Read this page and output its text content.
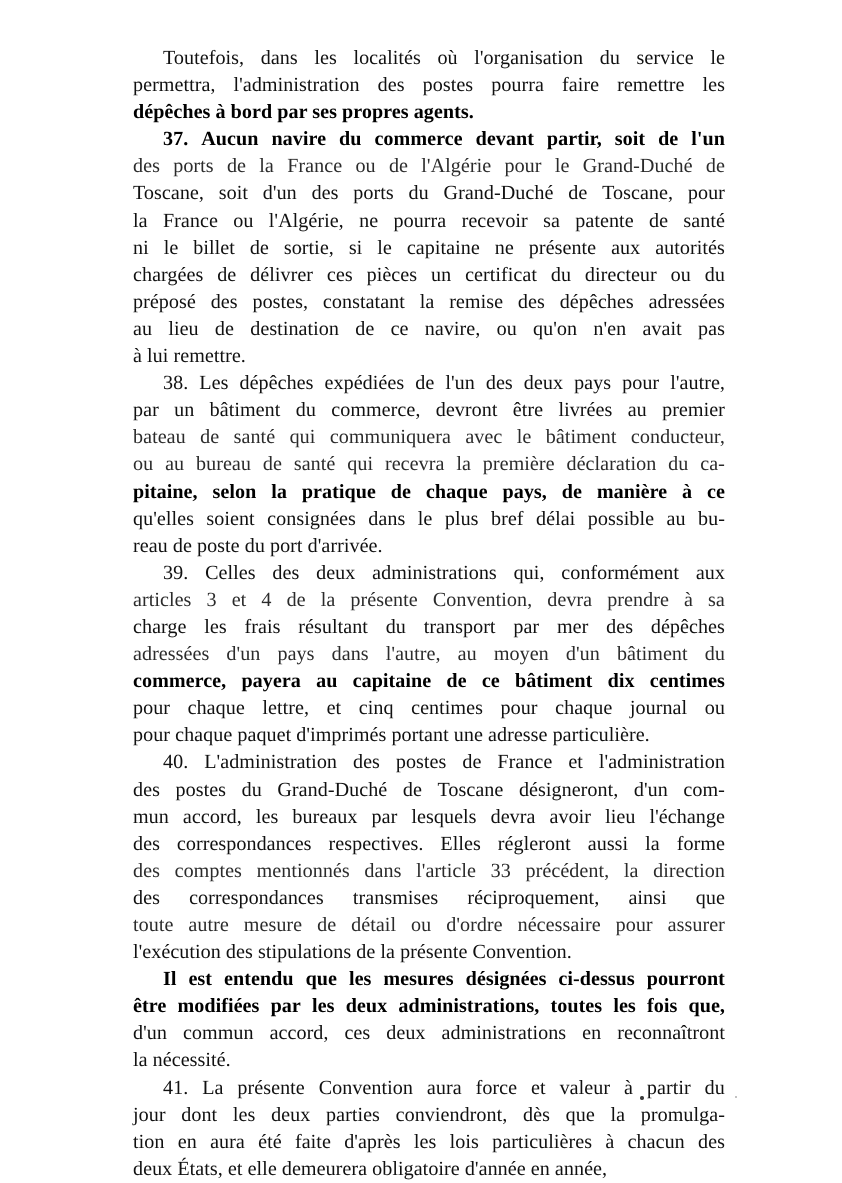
Toutefois, dans les localités où l'organisation du service le
permettra, l'administration des postes pourra faire remettre les
dépêches à bord par ses propres agents.
37. Aucun navire du commerce devant partir, soit de l'un
des ports de la France ou de l'Algérie pour le Grand-Duché de
Toscane, soit d'un des ports du Grand-Duché de Toscane, pour
la France ou l'Algérie, ne pourra recevoir sa patente de santé
ni le billet de sortie, si le capitaine ne présente aux autorités
chargées de délivrer ces pièces un certificat du directeur ou du
préposé des postes, constatant la remise des dépêches adressées
au lieu de destination de ce navire, ou qu'on n'en avait pas
à lui remettre.
38. Les dépêches expédiées de l'un des deux pays pour l'autre,
par un bâtiment du commerce, devront être livrées au premier
bateau de santé qui communiquera avec le bâtiment conducteur,
ou au bureau de santé qui recevra la première déclaration du ca-
pitaine, selon la pratique de chaque pays, de manière à ce
qu'elles soient consignées dans le plus bref délai possible au bu-
reau de poste du port d'arrivée.
39. Celles des deux administrations qui, conformément aux
articles 3 et 4 de la présente Convention, devra prendre à sa
charge les frais résultant du transport par mer des dépêches
adressées d'un pays dans l'autre, au moyen d'un bâtiment du
commerce, payera au capitaine de ce bâtiment dix centimes
pour chaque lettre, et cinq centimes pour chaque journal ou
pour chaque paquet d'imprimés portant une adresse particulière.
40. L'administration des postes de France et l'administration
des postes du Grand-Duché de Toscane désigneront, d'un com-
mun accord, les bureaux par lesquels devra avoir lieu l'échange
des correspondances respectives. Elles régleront aussi la forme
des comptes mentionnés dans l'article 33 précédent, la direction
des correspondances transmises réciproquement, ainsi que
toute autre mesure de détail ou d'ordre nécessaire pour assurer
l'exécution des stipulations de la présente Convention.
Il est entendu que les mesures désignées ci-dessus pourront
être modifiées par les deux administrations, toutes les fois que,
d'un commun accord, ces deux administrations en reconnaîtront
la nécessité.
41. La présente Convention aura force et valeur à partir du
jour dont les deux parties conviendront, dès que la promulga-
tion en aura été faite d'après les lois particulières à chacun des
deux États, et elle demeurera obligatoire d'année en année,
